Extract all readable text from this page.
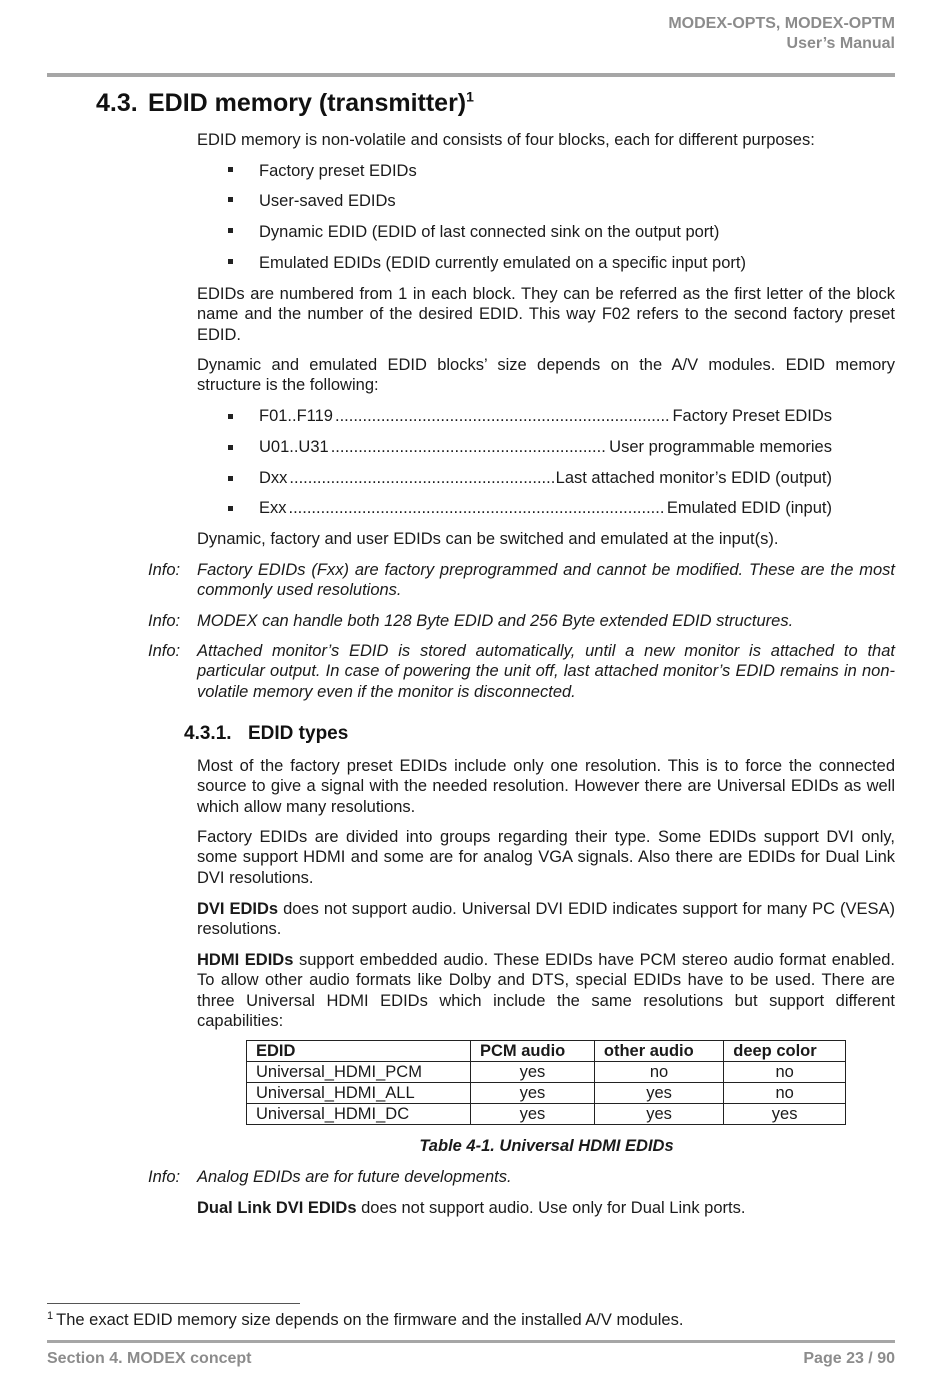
MODEX-OPTS, MODEX-OPTM
User’s Manual
4.3. EDID memory (transmitter)$^1$

EDID memory is non-volatile and consists of four blocks, each for different purposes:

Factory preset EDIDs
User-saved EDIDs
Dynamic EDID (EDID of last connected sink on the output port)
Emulated EDIDs (EDID currently emulated on a specific input port)

EDIDs are numbered from 1 in each block. They can be referred as the first letter of the block name and the number of the desired EDID. This way F02 refers to the second factory preset EDID.

Dynamic and emulated EDID blocks’ size depends on the A/V modules. EDID memory structure is the following:

F01..F119 .....	Factory Preset EDIDs
U01..U31 .....	User programmable memories
Dxx .....	Last attached monitor’s EDID (output)
Exx .....	Emulated EDID (input)

Dynamic, factory and user EDIDs can be switched and emulated at the input(s).

Info: Factory EDIDs (Fxx) are factory preprogrammed and cannot be modified. These are the most commonly used resolutions.
Info: MODEX can handle both 128 Byte EDID and 256 Byte extended EDID structures.
Info: Attached monitor’s EDID is stored automatically, until a new monitor is attached to that particular output. In case of powering the unit off, last attached monitor’s EDID remains in non-volatile memory even if the monitor is disconnected.
4.3.1. EDID types

Most of the factory preset EDIDs include only one resolution. This is to force the connected source to give a signal with the needed resolution. However there are Universal EDIDs as well which allow many resolutions.

Factory EDIDs are divided into groups regarding their type. Some EDIDs support DVI only, some support HDMI and some are for analog VGA signals. Also there are EDIDs for Dual Link DVI resolutions.

DVI EDIDs does not support audio. Universal DVI EDID indicates support for many PC (VESA) resolutions.

HDMI EDIDs support embedded audio. These EDIDs have PCM stereo audio format enabled. To allow other audio formats like Dolby and DTS, special EDIDs have to be used. There are three Universal HDMI EDIDs which include the same resolutions but support different capabilities:

EDID	PCM audio	other audio	deep color
Universal_HDMI_PCM	yes	no	no
Universal_HDMI_ALL	yes	yes	no
Universal_HDMI_DC	yes	yes	yes
Table 4-1. Universal HDMI EDIDs
Info: Analog EDIDs are for future developments.

Dual Link DVI EDIDs does not support audio. Use only for Dual Link ports.

$^1$ The exact EDID memory size depends on the firmware and the installed A/V modules.
Section 4. MODEX concept	Page 23 / 90
